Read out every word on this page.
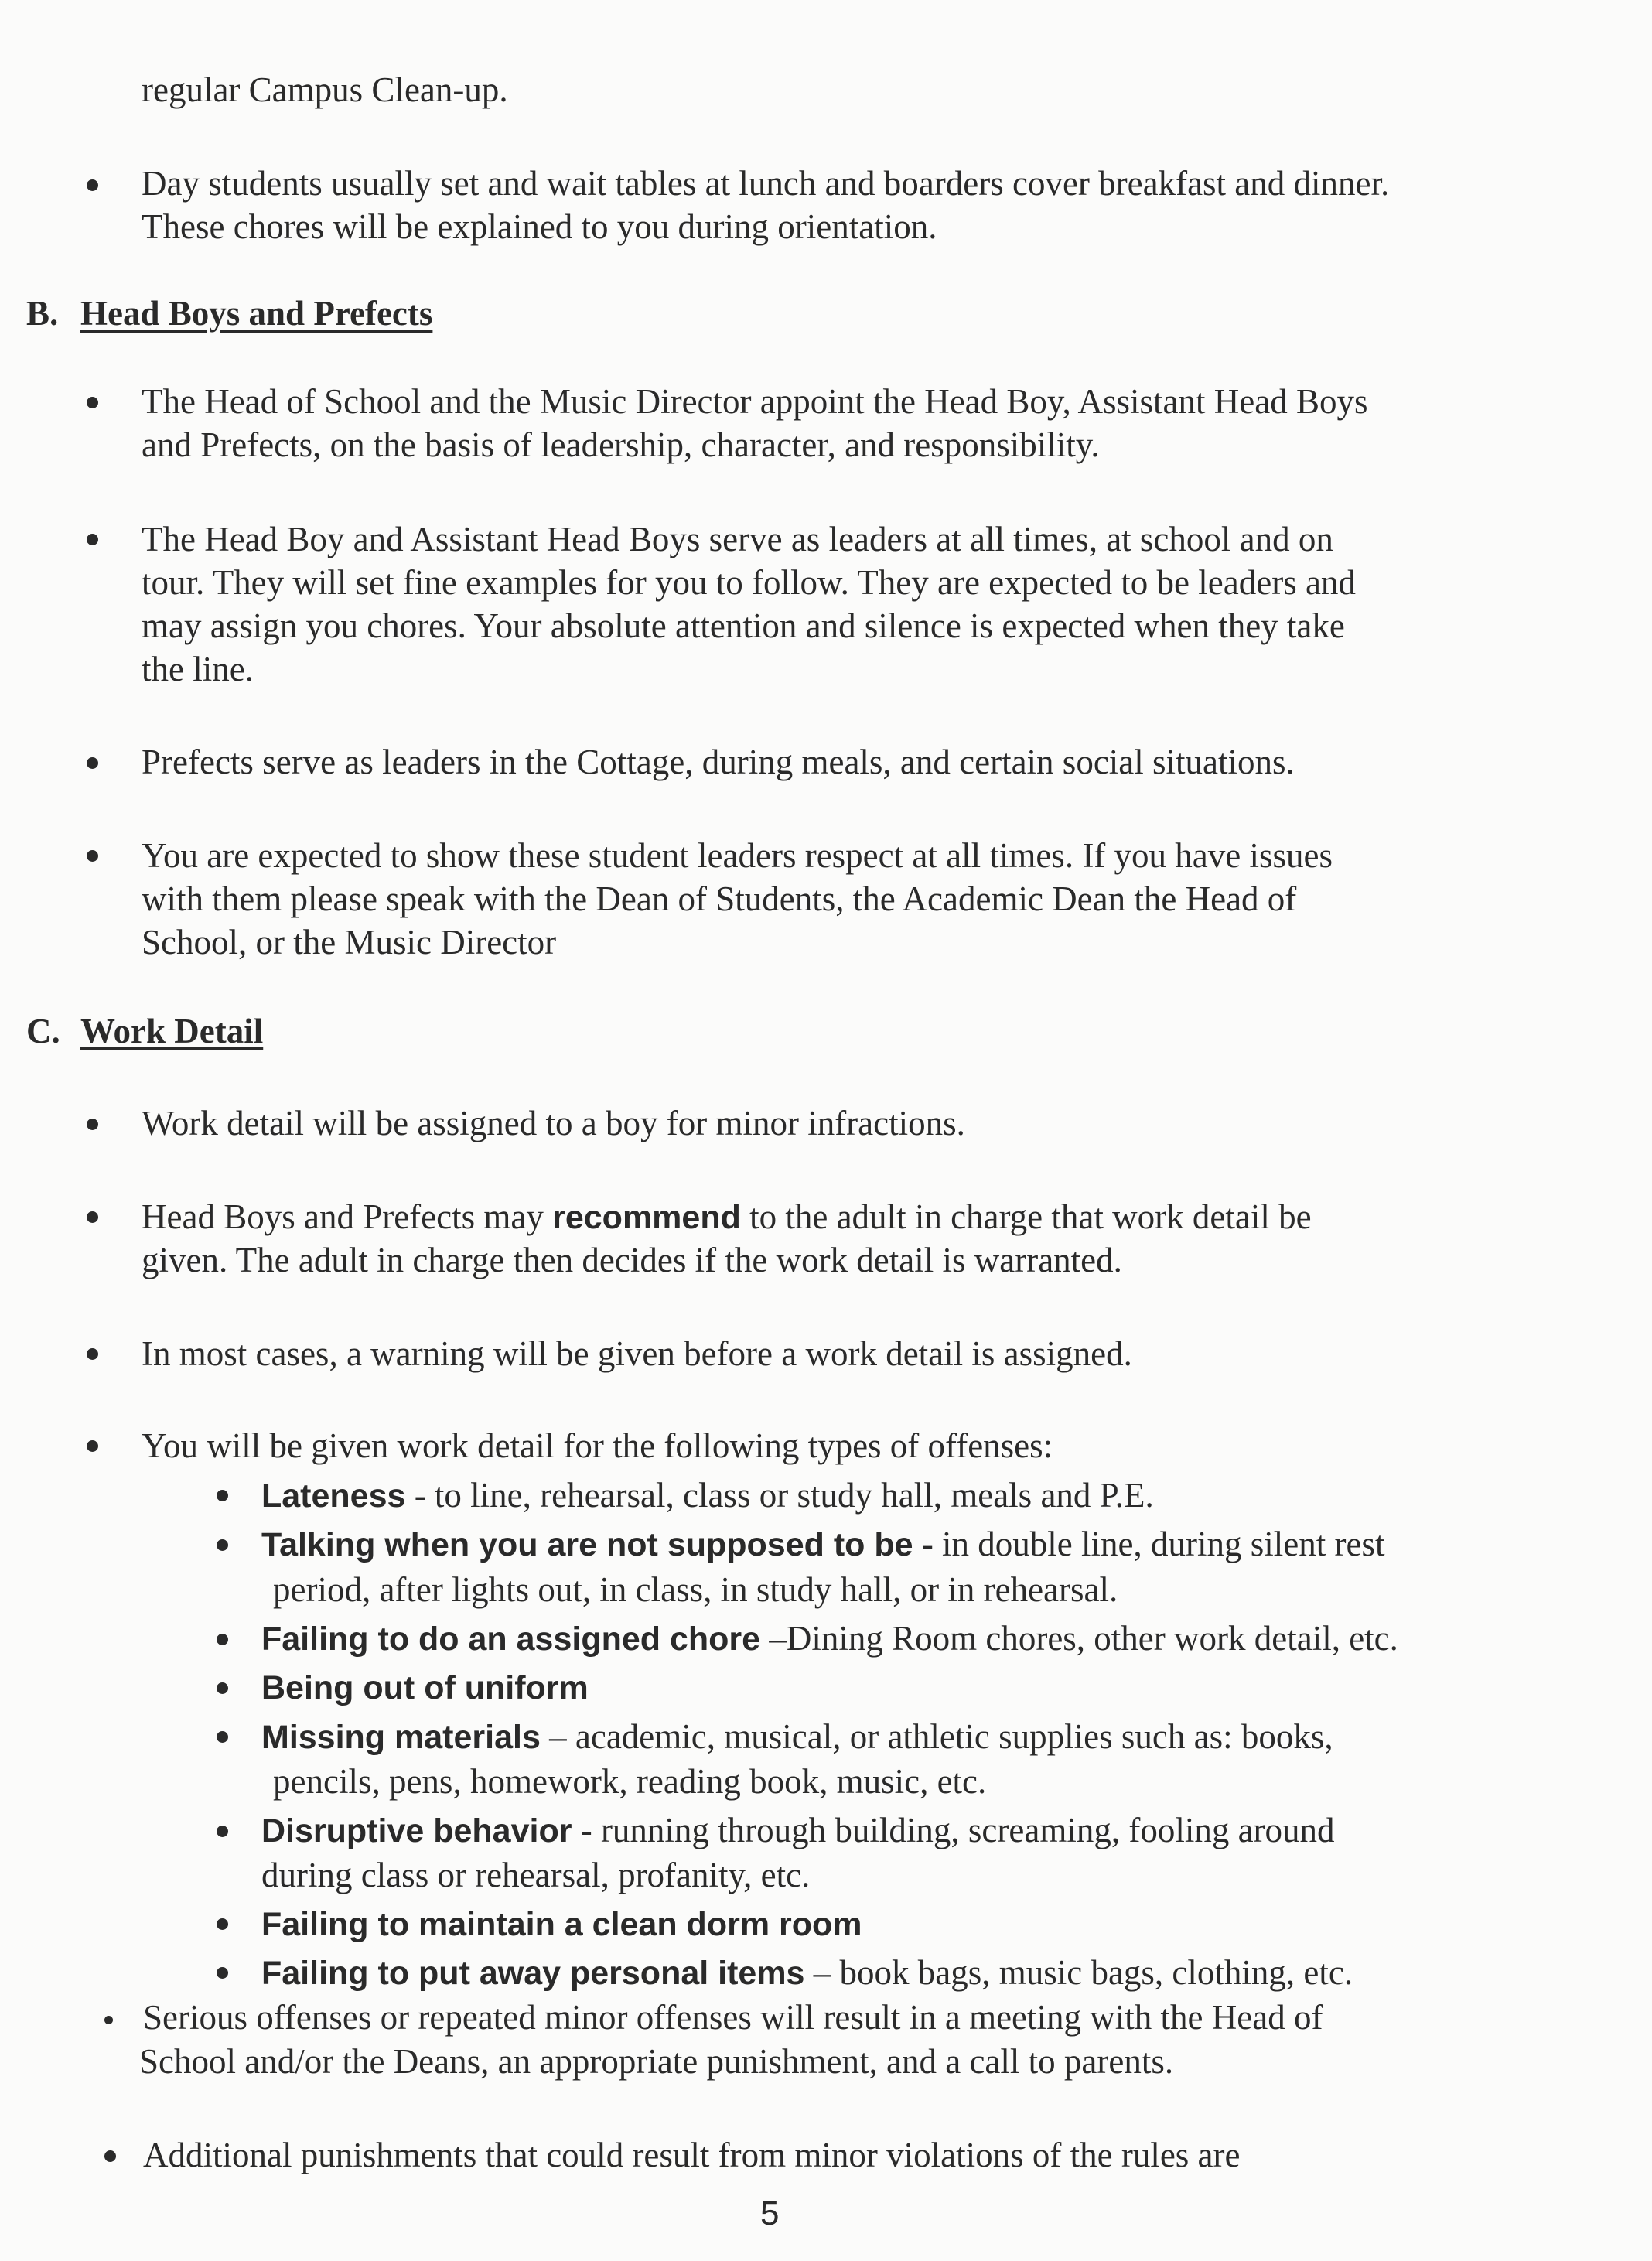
regular Campus Clean-up.
Day students usually set and wait tables at lunch and boarders cover breakfast and dinner.
These chores will be explained to you during orientation.
B. Head Boys and Prefects
The Head of School and the Music Director appoint the Head Boy, Assistant Head Boys
and Prefects, on the basis of leadership, character, and responsibility.
The Head Boy and Assistant Head Boys serve as leaders at all times, at school and on
tour. They will set fine examples for you to follow. They are expected to be leaders and
may assign you chores. Your absolute attention and silence is expected when they take
the line.
Prefects serve as leaders in the Cottage, during meals, and certain social situations.
You are expected to show these student leaders respect at all times. If you have issues
with them please speak with the Dean of Students, the Academic Dean the Head of
School, or the Music Director
C. Work Detail
Work detail will be assigned to a boy for minor infractions.
Head Boys and Prefects may recommend to the adult in charge that work detail be
given. The adult in charge then decides if the work detail is warranted.
In most cases, a warning will be given before a work detail is assigned.
You will be given work detail for the following types of offenses:
Lateness - to line, rehearsal, class or study hall, meals and P.E.
Talking when you are not supposed to be - in double line, during silent rest
period, after lights out, in class, in study hall, or in rehearsal.
Failing to do an assigned chore –Dining Room chores, other work detail, etc.
Being out of uniform
Missing materials – academic, musical, or athletic supplies such as: books,
pencils, pens, homework, reading book, music, etc.
Disruptive behavior - running through building, screaming, fooling around
during class or rehearsal, profanity, etc.
Failing to maintain a clean dorm room
Failing to put away personal items – book bags, music bags, clothing, etc.
Serious offenses or repeated minor offenses will result in a meeting with the Head of
School and/or the Deans, an appropriate punishment, and a call to parents.
Additional punishments that could result from minor violations of the rules are
5
